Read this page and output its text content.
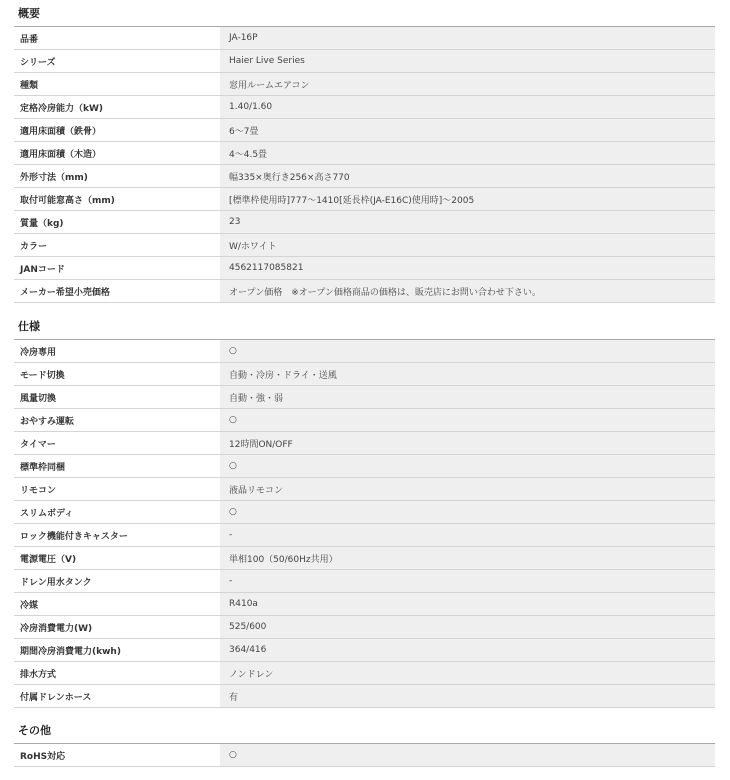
概要
品番	JA-16P
シリーズ	Haier Live Series
種類	窓用ルームエアコン
定格冷房能力（kW)	1.40/1.60
適用床面積（鉄骨）	6～7畳
適用床面積（木造）	4～4.5畳
外形寸法（mm)	幅335×奥行き256×高さ770
取付可能窓高さ（mm)	[標準枠使用時]777～1410[延長枠(JA-E16C)使用時]～2005
質量（kg)	23
カラー	W/ホワイト
JANコード	4562117085821
メーカー希望小売価格	オープン価格　※オープン価格商品の価格は、販売店にお問い合わせ下さい。
仕様
冷房専用	○
モード切換	自動・冷房・ドライ・送風
風量切換	自動・強・弱
おやすみ運転	○
タイマー	12時間ON/OFF
標準枠同梱	○
リモコン	液晶リモコン
スリムボディ	○
ロック機能付きキャスター	-
電源電圧（V)	単相100（50/60Hz共用）
ドレン用水タンク	-
冷媒	R410a
冷房消費電力(W)	525/600
期間冷房消費電力(kwh)	364/416
排水方式	ノンドレン
付属ドレンホース	有
その他
RoHS対応	○
